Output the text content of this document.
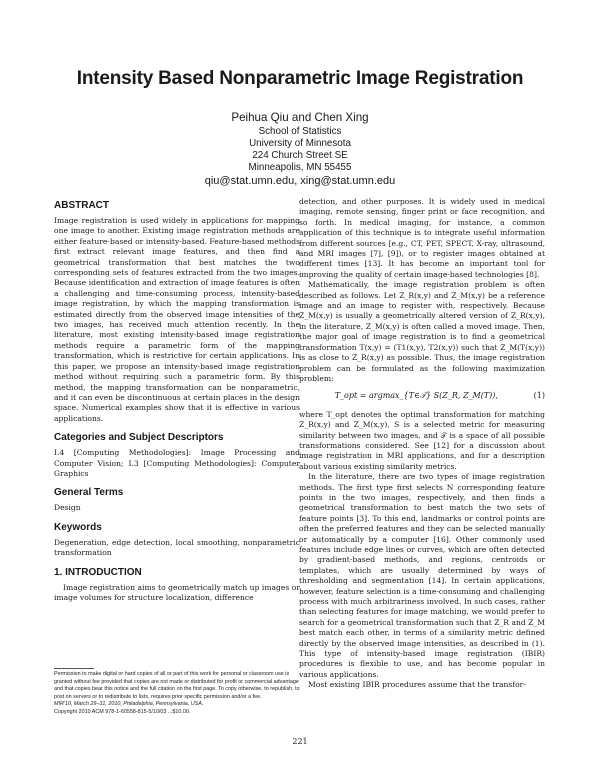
Intensity Based Nonparametric Image Registration
Peihua Qiu and Chen Xing
School of Statistics
University of Minnesota
224 Church Street SE
Minneapolis, MN 55455
qiu@stat.umn.edu, xing@stat.umn.edu
ABSTRACT

Image registration is used widely in applications for mapping one image to another. Existing image registration methods are either feature-based or intensity-based. Feature-based methods first extract relevant image features, and then find a geometrical transformation that best matches the two corresponding sets of features extracted from the two images. Because identification and extraction of image features is often a challenging and time-consuming process, intensity-based image registration, by which the mapping transformation is estimated directly from the observed image intensities of the two images, has received much attention recently. In the literature, most existing intensity-based image registration methods require a parametric form of the mapping transformation, which is restrictive for certain applications. In this paper, we propose an intensity-based image registration method without requiring such a parametric form. By this method, the mapping transformation can be nonparametric, and it can even be discontinuous at certain places in the design space. Numerical examples show that it is effective in various applications.

Categories and Subject Descriptors

I.4 [Computing Methodologies]: Image Processing and Computer Vision; I.3 [Computing Methodologies]: Computer Graphics

General Terms

Design

Keywords

Degeneration, edge detection, local smoothing, nonparametric transformation

1. INTRODUCTION

Image registration aims to geometrically match up images or image volumes for structure localization, difference

Permission to make digital or hard copies of all or part of this work for personal or classroom use is granted without fee provided that copies are not made or distributed for profit or commercial advantage and that copies bear this notice and the full citation on the first page. To copy otherwise, to republish, to post on servers or to redistribute to lists, requires prior specific permission and/or a fee.
MIR'10, March 29–31, 2010, Philadelphia, Pennsylvania, USA.
Copyright 2010 ACM 978-1-60558-815-5/10/03 ...$10.00.

detection, and other purposes. It is widely used in medical imaging, remote sensing, finger print or face recognition, and so forth. In medical imaging, for instance, a common application of this technique is to integrate useful information from different sources [e.g., CT, PET, SPECT, X-ray, ultrasound, and MRI images [7], [9]), or to register images obtained at different times [13]. It has become an important tool for improving the quality of certain image-based technologies [8].

Mathematically, the image registration problem is often described as follows. Let Z_R(x,y) and Z_M(x,y) be a reference image and an image to register with, respectively. Because Z_M(x,y) is usually a geometrically altered version of Z_R(x,y), in the literature, Z_M(x,y) is often called a moved image. Then, the major goal of image registration is to find a geometrical transformation T(x,y) = (T1(x,y), T2(x,y)) such that Z_M(T(x,y)) is as close to Z_R(x,y) as possible. Thus, the image registration problem can be formulated as the following maximization problem:

T_opt = argmax_{T∈𝒯} S(Z_R, Z_M(T)),	(1)

where T_opt denotes the optimal transformation for matching Z_R(x,y) and Z_M(x,y), S is a selected metric for measuring similarity between two images, and 𝒯 is a space of all possible transformations considered. See [12] for a discussion about image registration in MRI applications, and for a description about various existing similarity metrics.

In the literature, there are two types of image registration methods. The first type first selects N corresponding feature points in the two images, respectively, and then finds a geometrical transformation to best match the two sets of feature points [3]. To this end, landmarks or control points are often the preferred features and they can be selected manually or automatically by a computer [16]. Other commonly used features include edge lines or curves, which are often detected by gradient-based methods, and regions, centroids or templates, which are usually determined by ways of thresholding and segmentation [14]. In certain applications, however, feature selection is a time-consuming and challenging process with much arbitrariness involved. In such cases, rather than selecting features for image matching, we would prefer to search for a geometrical transformation such that Z_R and Z_M best match each other, in terms of a similarity metric defined directly by the observed image intensities, as described in (1). This type of intensity-based image registration (IBIR) procedures is flexible to use, and has become popular in various applications.

Most existing IBIR procedures assume that the transfor-

221
